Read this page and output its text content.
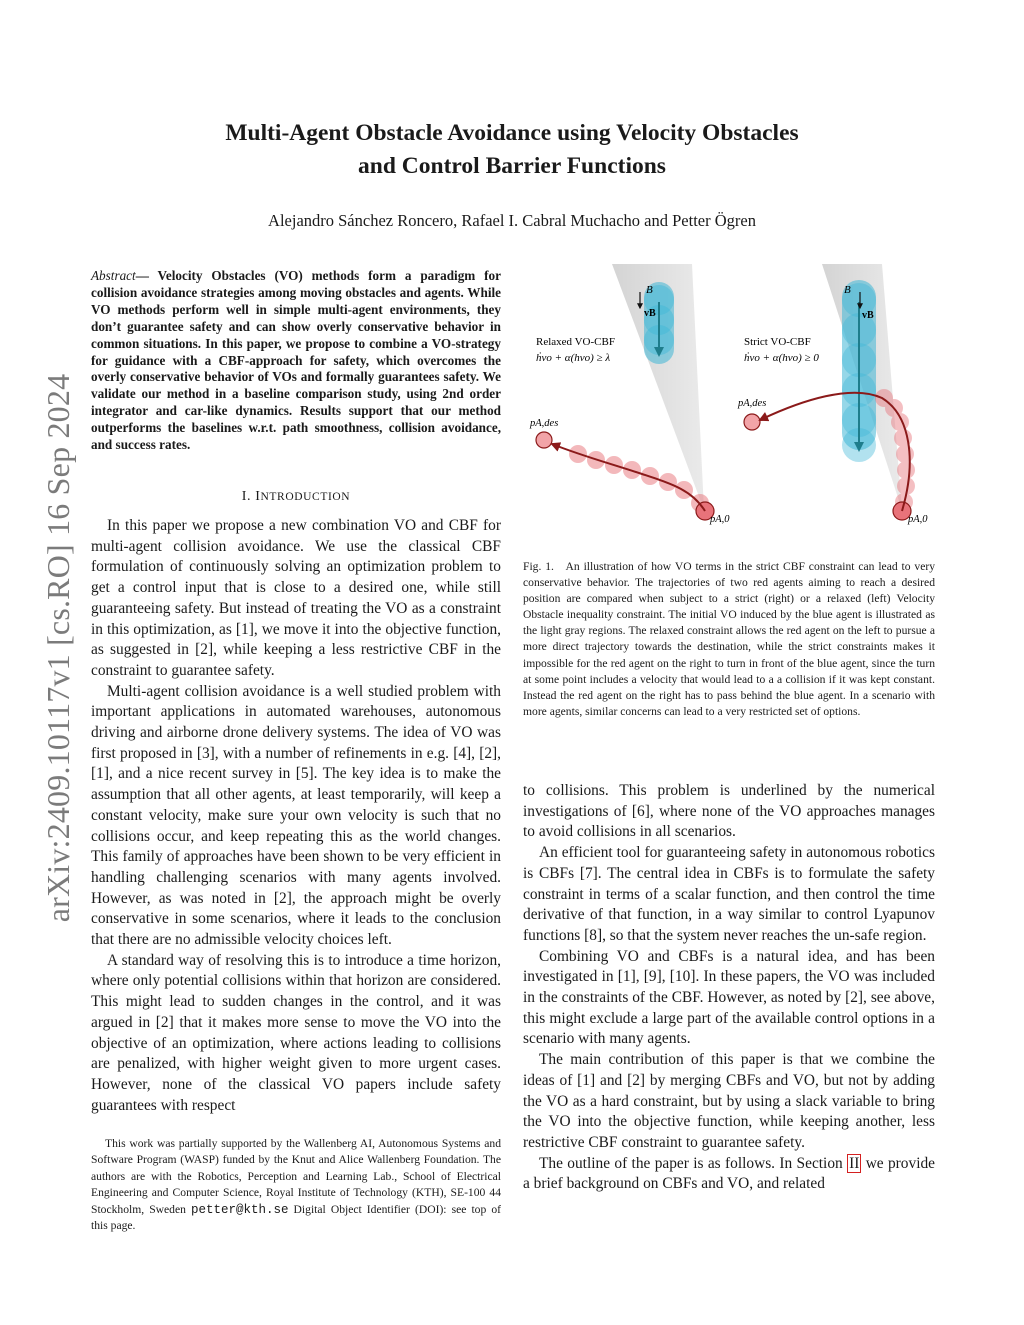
arXiv:2409.10117v1 [cs.RO] 16 Sep 2024
Multi-Agent Obstacle Avoidance using Velocity Obstacles
and Control Barrier Functions
Alejandro Sánchez Roncero, Rafael I. Cabral Muchacho and Petter Ögren
Abstract— Velocity Obstacles (VO) methods form a paradigm for collision avoidance strategies among moving obstacles and agents. While VO methods perform well in simple multi-agent environments, they don’t guarantee safety and can show overly conservative behavior in common situations. In this paper, we propose to combine a VO-strategy for guidance with a CBF-approach for safety, which overcomes the overly conservative behavior of VOs and formally guarantees safety. We validate our method in a baseline comparison study, using 2nd order integrator and car-like dynamics. Results support that our method outperforms the baselines w.r.t. path smoothness, collision avoidance, and success rates.
I. INTRODUCTION

In this paper we propose a new combination VO and CBF for multi-agent collision avoidance. We use the classical CBF formulation of continuously solving an optimization problem to get a control input that is close to a desired one, while still guaranteeing safety. But instead of treating the VO as a constraint in this optimization, as [1], we move it into the objective function, as suggested in [2], while keeping a less restrictive CBF in the constraint to guarantee safety.

Multi-agent collision avoidance is a well studied problem with important applications in automated warehouses, autonomous driving and airborne drone delivery systems. The idea of VO was first proposed in [3], with a number of refinements in e.g. [4], [2], [1], and a nice recent survey in [5]. The key idea is to make the assumption that all other agents, at least temporarily, will keep a constant velocity, make sure your own velocity is such that no collisions occur, and keep repeating this as the world changes. This family of approaches have been shown to be very efficient in handling challenging scenarios with many agents involved. However, as was noted in [2], the approach might be overly conservative in some scenarios, where it leads to the conclusion that there are no admissible velocity choices left.

A standard way of resolving this is to introduce a time horizon, where only potential collisions within that horizon are considered. This might lead to sudden changes in the control, and it was argued in [2] that it makes more sense to move the VO into the objective of an optimization, where actions leading to collisions are penalized, with higher weight given to more urgent cases. However, none of the classical VO papers include safety guarantees with respect

This work was partially supported by the Wallenberg AI, Autonomous Systems and Software Program (WASP) funded by the Knut and Alice Wallenberg Foundation. The authors are with the Robotics, Perception and Learning Lab., School of Electrical Engineering and Computer Science, Royal Institute of Technology (KTH), SE-100 44 Stockholm, Sweden petter@kth.se Digital Object Identifier (DOI): see top of this page.

B
vB
Relaxed VO-CBF
ḣvo + α(hvo) ≥ λ
pA,des
pA,0
B
vB
Strict VO-CBF
ḣvo + α(hvo) ≥ 0
pA,des
pA,0

Fig. 1. An illustration of how VO terms in the strict CBF constraint can lead to very conservative behavior. The trajectories of two red agents aiming to reach a desired position are compared when subject to a strict (right) or a relaxed (left) Velocity Obstacle inequality constraint. The initial VO induced by the blue agent is illustrated as the light gray regions. The relaxed constraint allows the red agent on the left to pursue a more direct trajectory towards the destination, while the strict constraints makes it impossible for the red agent on the right to turn in front of the blue agent, since the turn at some point includes a velocity that would lead to a a collision if it was kept constant. Instead the red agent on the right has to pass behind the blue agent. In a scenario with more agents, similar concerns can lead to a very restricted set of options.

to collisions. This problem is underlined by the numerical investigations of [6], where none of the VO approaches manages to avoid collisions in all scenarios.

An efficient tool for guaranteeing safety in autonomous robotics is CBFs [7]. The central idea in CBFs is to formulate the safety constraint in terms of a scalar function, and then control the time derivative of that function, in a way similar to control Lyapunov functions [8], so that the system never reaches the un-safe region.

Combining VO and CBFs is a natural idea, and has been investigated in [1], [9], [10]. In these papers, the VO was included in the constraints of the CBF. However, as noted by [2], see above, this might exclude a large part of the available control options in a scenario with many agents.

The main contribution of this paper is that we combine the ideas of [1] and [2] by merging CBFs and VO, but not by adding the VO as a hard constraint, but by using a slack variable to bring the VO into the objective function, while keeping another, less restrictive CBF constraint to guarantee safety.

The outline of the paper is as follows. In Section II we provide a brief background on CBFs and VO, and related
